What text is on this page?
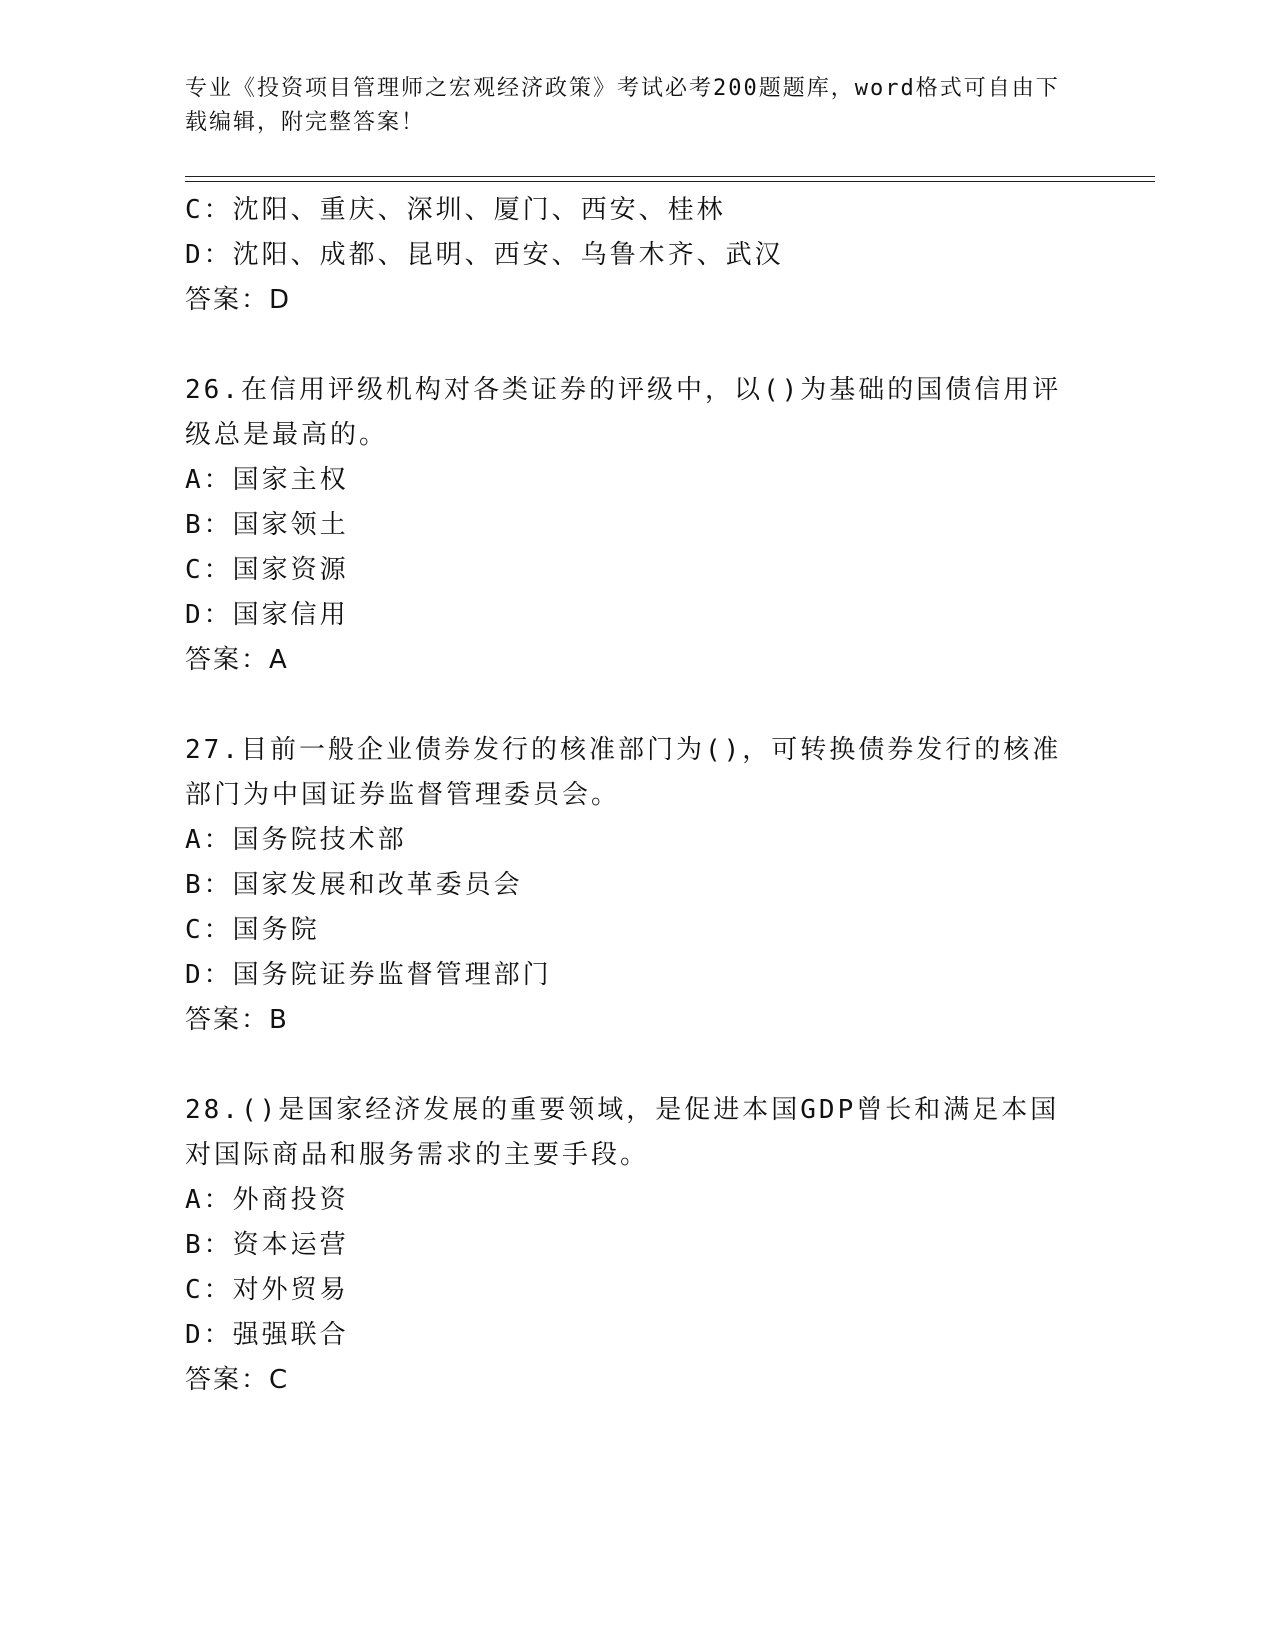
专业《投资项目管理师之宏观经济政策》考试必考200题题库，word格式可自由下载编辑，附完整答案！
C：沈阳、重庆、深圳、厦门、西安、桂林
D：沈阳、成都、昆明、西安、乌鲁木齐、武汉
答案：D
26.在信用评级机构对各类证券的评级中，以()为基础的国债信用评级总是最高的。
A：国家主权
B：国家领土
C：国家资源
D：国家信用
答案：A
27.目前一般企业债券发行的核准部门为()，可转换债券发行的核准部门为中国证券监督管理委员会。
A：国务院技术部
B：国家发展和改革委员会
C：国务院
D：国务院证券监督管理部门
答案：B
28.()是国家经济发展的重要领域，是促进本国GDP曾长和满足本国对国际商品和服务需求的主要手段。
A：外商投资
B：资本运营
C：对外贸易
D：强强联合
答案：C
